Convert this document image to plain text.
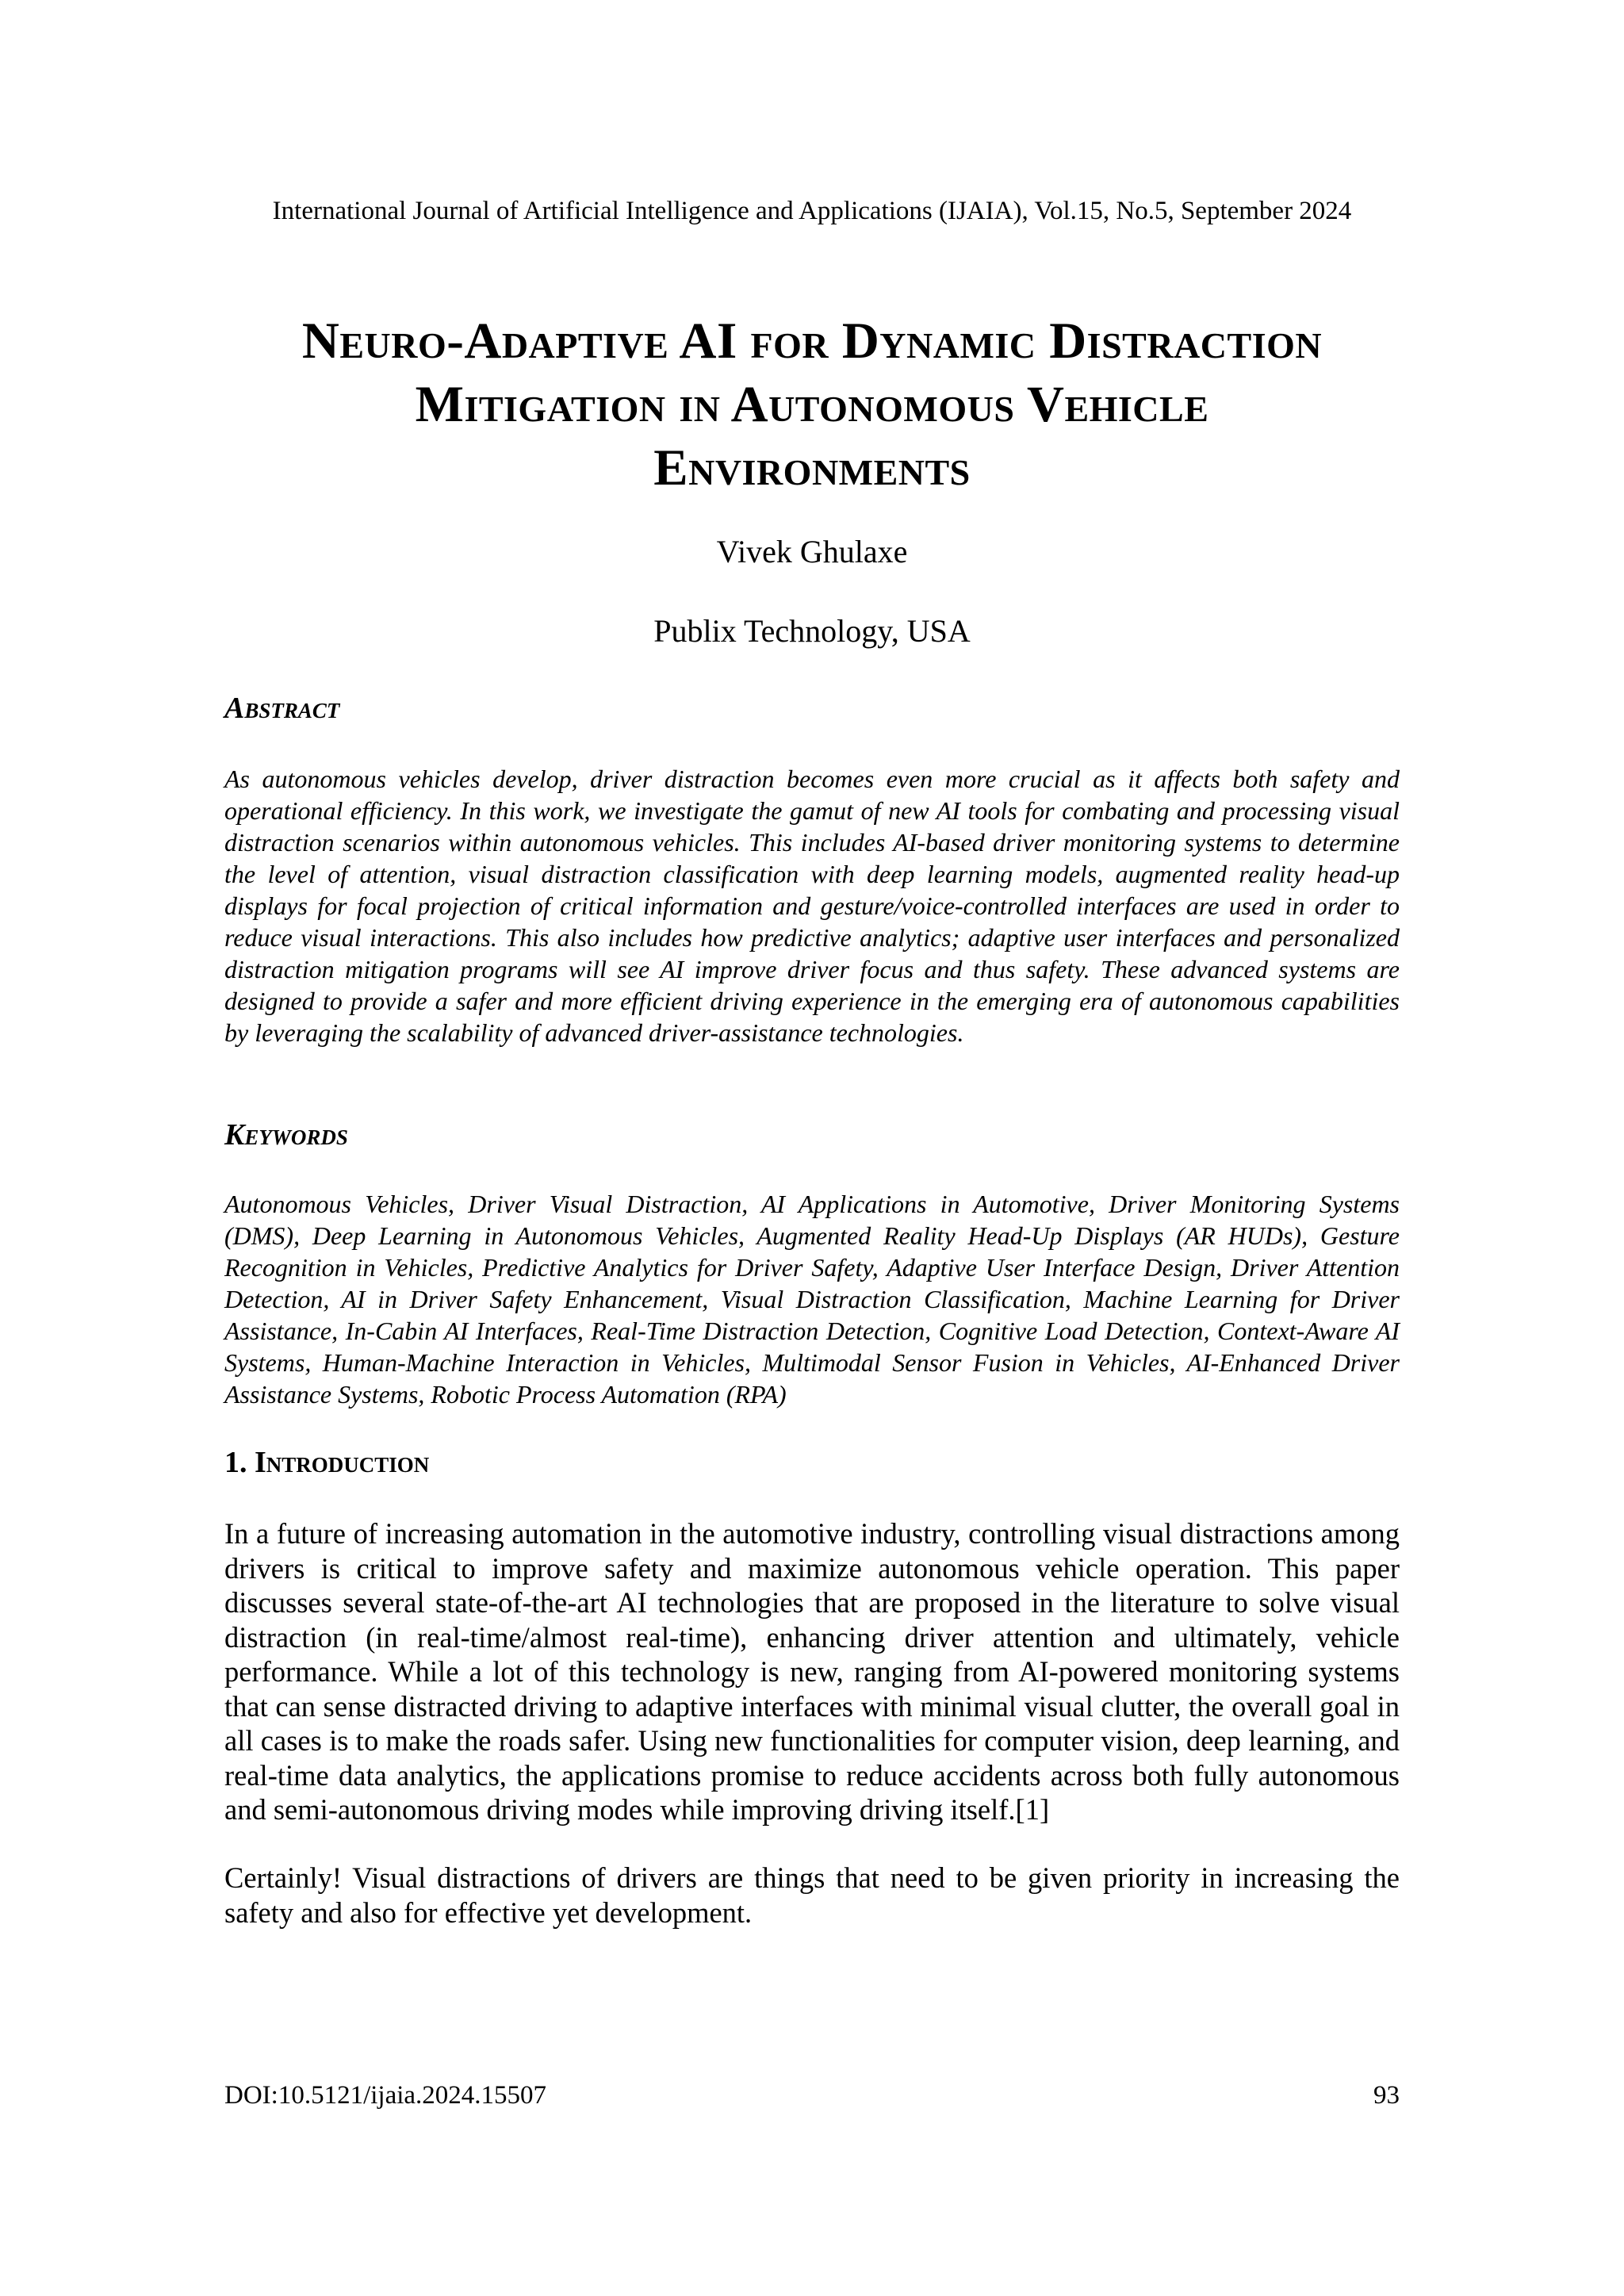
International Journal of Artificial Intelligence and Applications (IJAIA), Vol.15, No.5, September 2024
Neuro-Adaptive AI for Dynamic Distraction
Mitigation in Autonomous Vehicle
Environments
Vivek Ghulaxe
Publix Technology, USA
Abstract

As autonomous vehicles develop, driver distraction becomes even more crucial as it affects both safety and operational efficiency. In this work, we investigate the gamut of new AI tools for combating and processing visual distraction scenarios within autonomous vehicles. This includes AI-based driver monitoring systems to determine the level of attention, visual distraction classification with deep learning models, augmented reality head-up displays for focal projection of critical information and gesture/voice-controlled interfaces are used in order to reduce visual interactions. This also includes how predictive analytics; adaptive user interfaces and personalized distraction mitigation programs will see AI improve driver focus and thus safety. These advanced systems are designed to provide a safer and more efficient driving experience in the emerging era of autonomous capabilities by leveraging the scalability of advanced driver-assistance technologies.

Keywords

Autonomous Vehicles, Driver Visual Distraction, AI Applications in Automotive, Driver Monitoring Systems (DMS), Deep Learning in Autonomous Vehicles, Augmented Reality Head-Up Displays (AR HUDs), Gesture Recognition in Vehicles, Predictive Analytics for Driver Safety, Adaptive User Interface Design, Driver Attention Detection, AI in Driver Safety Enhancement, Visual Distraction Classification, Machine Learning for Driver Assistance, In-Cabin AI Interfaces, Real-Time Distraction Detection, Cognitive Load Detection, Context-Aware AI Systems, Human-Machine Interaction in Vehicles, Multimodal Sensor Fusion in Vehicles, AI-Enhanced Driver Assistance Systems, Robotic Process Automation (RPA)

1. Introduction

In a future of increasing automation in the automotive industry, controlling visual distractions among drivers is critical to improve safety and maximize autonomous vehicle operation. This paper discusses several state-of-the-art AI technologies that are proposed in the literature to solve visual distraction (in real-time/almost real-time), enhancing driver attention and ultimately, vehicle performance. While a lot of this technology is new, ranging from AI-powered monitoring systems that can sense distracted driving to adaptive interfaces with minimal visual clutter, the overall goal in all cases is to make the roads safer. Using new functionalities for computer vision, deep learning, and real-time data analytics, the applications promise to reduce accidents across both fully autonomous and semi-autonomous driving modes while improving driving itself.[1]

Certainly! Visual distractions of drivers are things that need to be given priority in increasing the safety and also for effective yet development.

DOI:10.5121/ijaia.2024.15507	93
